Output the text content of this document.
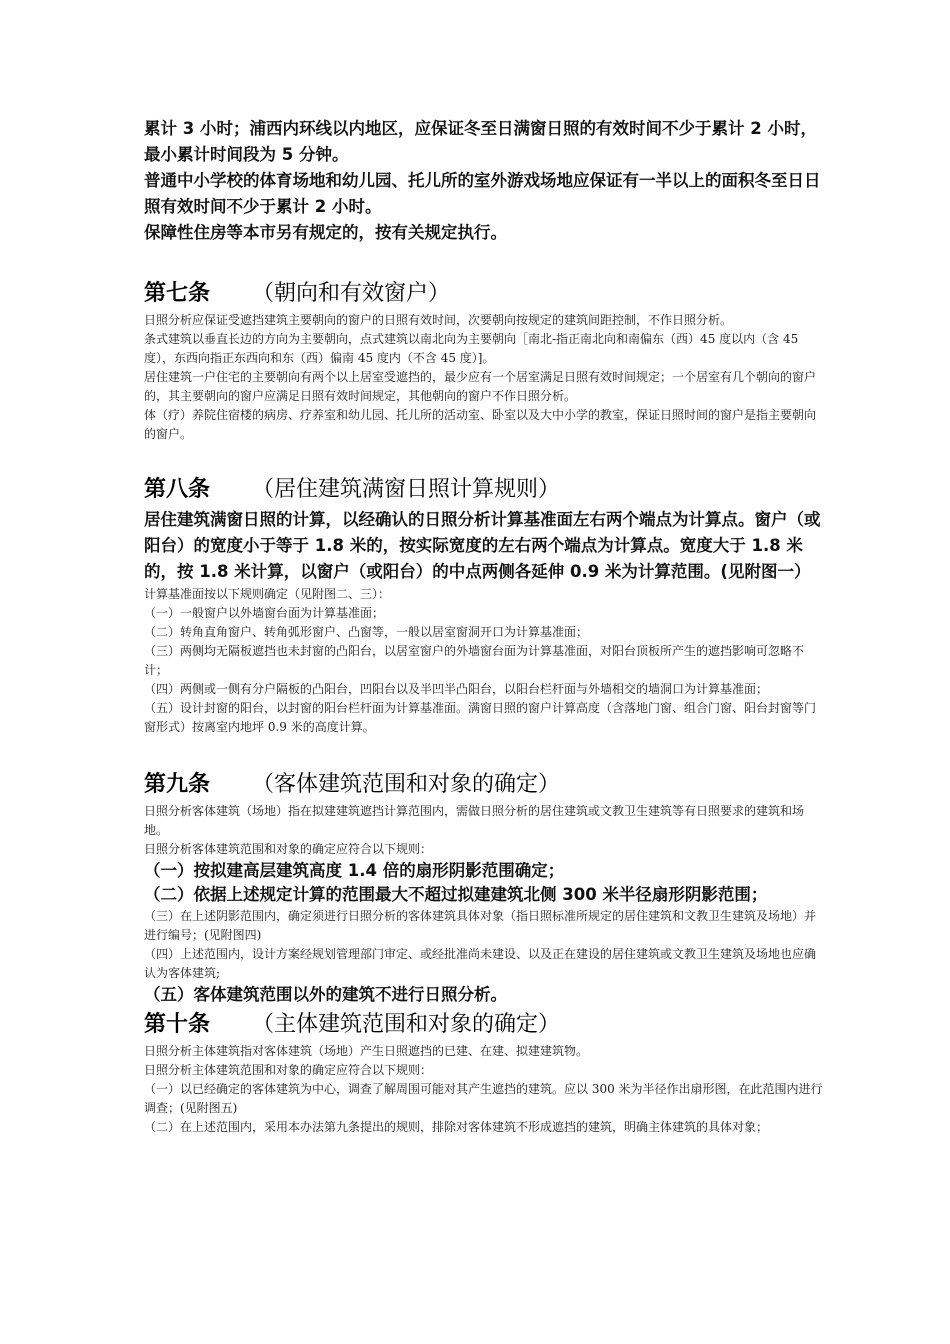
累计 3 小时；浦西内环线以内地区，应保证冬至日满窗日照的有效时间不少于累计 2 小时，最小累计时间段为 5 分钟。

普通中小学校的体育场地和幼儿园、托儿所的室外游戏场地应保证有一半以上的面积冬至日日照有效时间不少于累计 2 小时。

保障性住房等本市另有规定的，按有关规定执行。

第七条 （朝向和有效窗户）

日照分析应保证受遮挡建筑主要朝向的窗户的日照有效时间，次要朝向按规定的建筑间距控制，不作日照分析。

条式建筑以垂直长边的方向为主要朝向，点式建筑以南北向为主要朝向［南北-指正南北向和南偏东（西）45 度以内（含 45 度），东西向指正东西向和东（西）偏南 45 度内（不含 45 度）]。

居住建筑一户住宅的主要朝向有两个以上居室受遮挡的，最少应有一个居室满足日照有效时间规定；一个居室有几个朝向的窗户的，其主要朝向的窗户应满足日照有效时间规定，其他朝向的窗户不作日照分析。

体（疗）养院住宿楼的病房、疗养室和幼儿园、托儿所的活动室、卧室以及大中小学的教室，保证日照时间的窗户是指主要朝向的窗户。

第八条 （居住建筑满窗日照计算规则）

居住建筑满窗日照的计算，以经确认的日照分析计算基准面左右两个端点为计算点。窗户（或阳台）的宽度小于等于 1.8 米的，按实际宽度的左右两个端点为计算点。宽度大于 1.8 米的，按 1.8 米计算，以窗户（或阳台）的中点两侧各延伸 0.9 米为计算范围。(见附图一）

计算基准面按以下规则确定（见附图二、三）：

（一）一般窗户以外墙窗台面为计算基准面；

（二）转角直角窗户、转角弧形窗户、凸窗等，一般以居室窗洞开口为计算基准面；

（三）两侧均无隔板遮挡也未封窗的凸阳台，以居室窗户的外墙窗台面为计算基准面，对阳台顶板所产生的遮挡影响可忽略不计；

（四）两侧或一侧有分户隔板的凸阳台，凹阳台以及半凹半凸阳台，以阳台栏杆面与外墙相交的墙洞口为计算基准面；

（五）设计封窗的阳台，以封窗的阳台栏杆面为计算基准面。满窗日照的窗户计算高度（含落地门窗、组合门窗、阳台封窗等门窗形式）按离室内地坪 0.9 米的高度计算。

第九条 （客体建筑范围和对象的确定）

日照分析客体建筑（场地）指在拟建建筑遮挡计算范围内，需做日照分析的居住建筑或文教卫生建筑等有日照要求的建筑和场地。

日照分析客体建筑范围和对象的确定应符合以下规则：

（一）按拟建高层建筑高度 1.4 倍的扇形阴影范围确定；

（二）依据上述规定计算的范围最大不超过拟建建筑北侧 300 米半径扇形阴影范围；

（三）在上述阴影范围内，确定须进行日照分析的客体建筑具体对象（指日照标准所规定的居住建筑和文教卫生建筑及场地）并进行编号；(见附图四)

（四）上述范围内，设计方案经规划管理部门审定、或经批准尚未建设、以及正在建设的居住建筑或文教卫生建筑及场地也应确认为客体建筑;

（五）客体建筑范围以外的建筑不进行日照分析。

第十条 （主体建筑范围和对象的确定）

日照分析主体建筑指对客体建筑（场地）产生日照遮挡的已建、在建、拟建建筑物。

日照分析主体建筑范围和对象的确定应符合以下规则：

（一）以已经确定的客体建筑为中心，调查了解周围可能对其产生遮挡的建筑。应以 300 米为半径作出扇形图，在此范围内进行调查；(见附图五)

（二）在上述范围内，采用本办法第九条提出的规则，排除对客体建筑不形成遮挡的建筑，明确主体建筑的具体对象；
